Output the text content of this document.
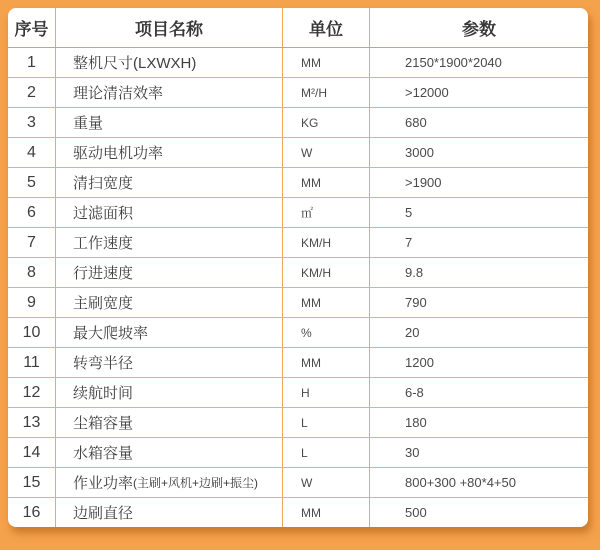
序号	项目名称	单位	参数
1	整机尺寸(LXWXH)	MM	2150*1900*2040
2	理论清洁效率	M²/H	>12000
3	重量	KG	680
4	驱动电机功率	W	3000
5	清扫宽度	MM	>1900
6	过滤面积	㎡	5
7	工作速度	KM/H	7
8	行进速度	KM/H	9.8
9	主刷宽度	MM	790
10	最大爬坡率	%	20
11	转弯半径	MM	1200
12	续航时间	H	6-8
13	尘箱容量	L	180
14	水箱容量	L	30
15	作业功率 (主刷+风机+边刷+振尘)	W	800+300 +80*4+50
16	边刷直径	MM	500
